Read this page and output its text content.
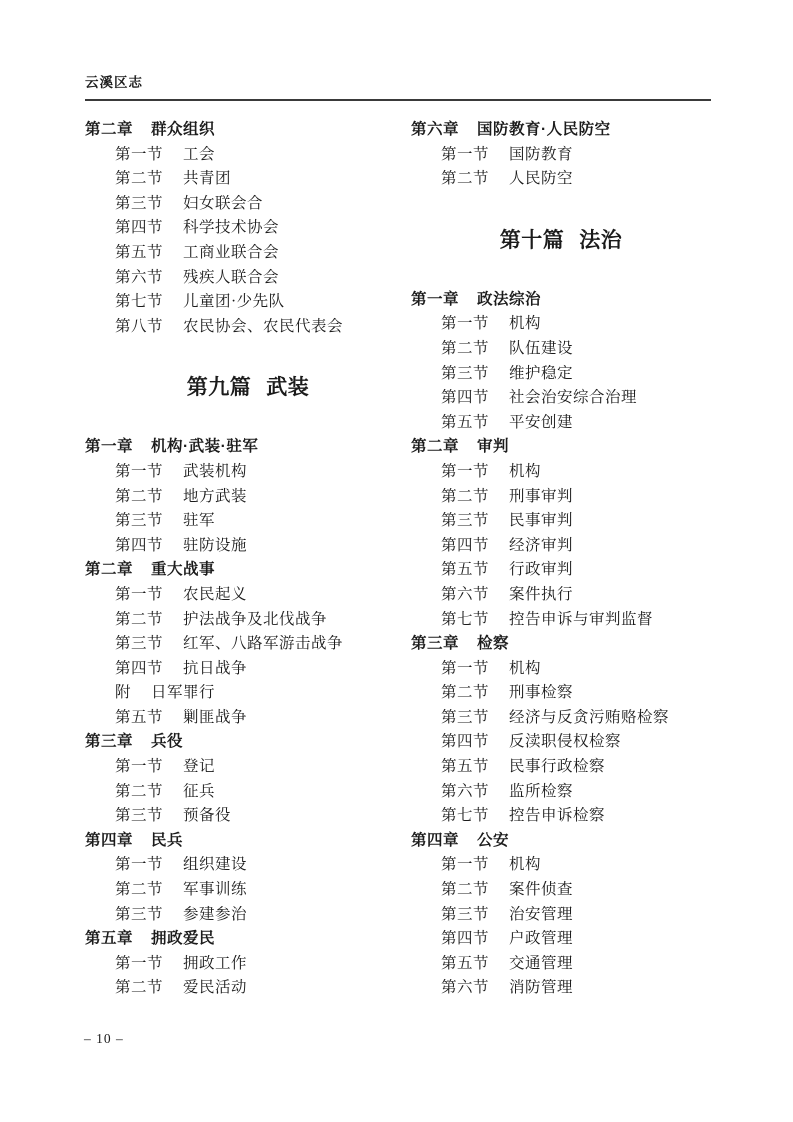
云溪区志
第二章 群众组织
第一节 工会
第二节 共青团
第三节 妇女联会合
第四节 科学技术协会
第五节 工商业联合会
第六节 残疾人联合会
第七节 儿童团·少先队
第八节 农民协会、农民代表会
第九篇 武装
第一章 机构·武装·驻军
第一节 武装机构
第二节 地方武装
第三节 驻军
第四节 驻防设施
第二章 重大战事
第一节 农民起义
第二节 护法战争及北伐战争
第三节 红军、八路军游击战争
第四节 抗日战争
附 日军罪行
第五节 剿匪战争
第三章 兵役
第一节 登记
第二节 征兵
第三节 预备役
第四章 民兵
第一节 组织建设
第二节 军事训练
第三节 参建参治
第五章 拥政爱民
第一节 拥政工作
第二节 爱民活动
第六章 国防教育·人民防空
第一节 国防教育
第二节 人民防空
第十篇 法治
第一章 政法综治
第一节 机构
第二节 队伍建设
第三节 维护稳定
第四节 社会治安综合治理
第五节 平安创建
第二章 审判
第一节 机构
第二节 刑事审判
第三节 民事审判
第四节 经济审判
第五节 行政审判
第六节 案件执行
第七节 控告申诉与审判监督
第三章 检察
第一节 机构
第二节 刑事检察
第三节 经济与反贪污贿赂检察
第四节 反渎职侵权检察
第五节 民事行政检察
第六节 监所检察
第七节 控告申诉检察
第四章 公安
第一节 机构
第二节 案件侦查
第三节 治安管理
第四节 户政管理
第五节 交通管理
第六节 消防管理
– 10 –
